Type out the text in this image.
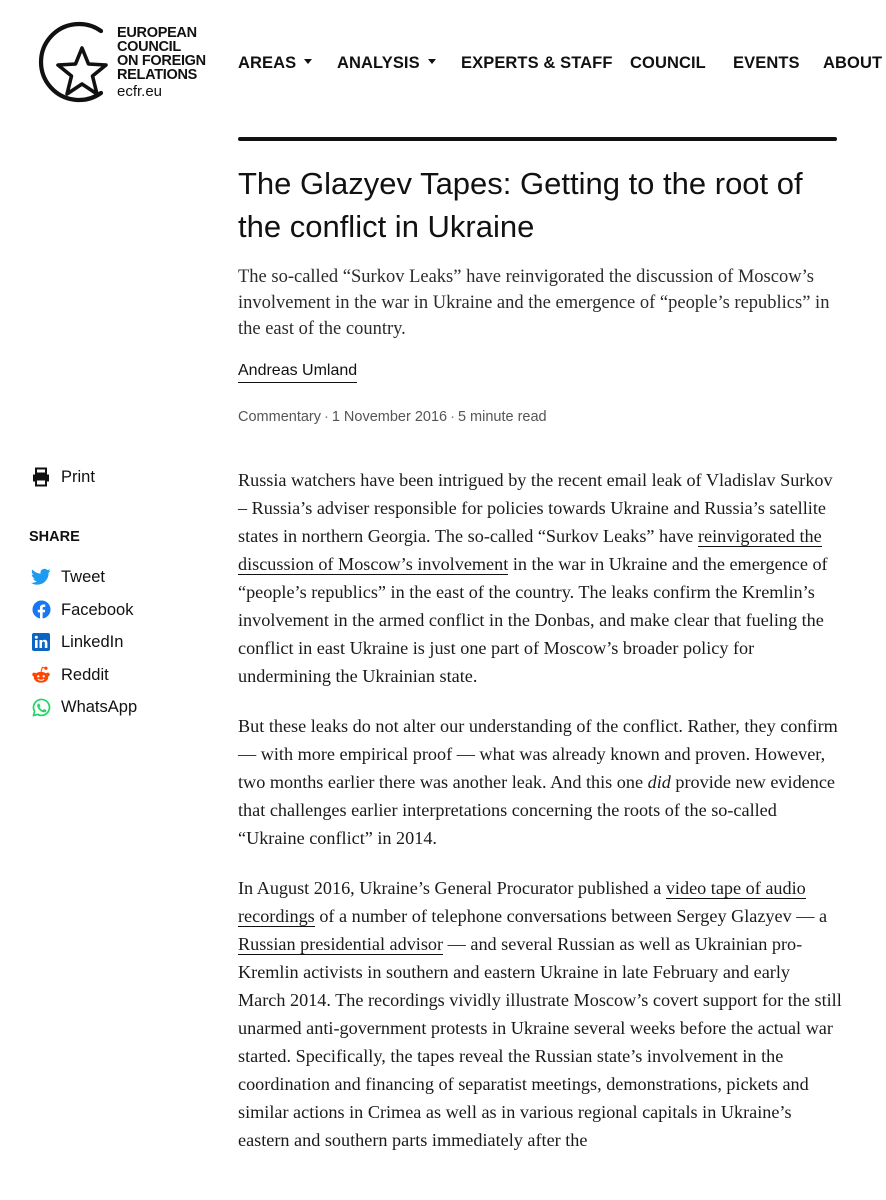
EUROPEAN
COUNCIL
ON FOREIGN
RELATIONS
ecfr.eu
AREAS	ANALYSIS	EXPERTS & STAFF COUNCIL EVENTS ABOUT
The Glazyev Tapes: Getting to the root of the conflict in Ukraine

The so-called “Surkov Leaks” have reinvigorated the discussion of Moscow’s involvement in the war in Ukraine and the emergence of “people’s republics” in the east of the country.

Andreas Umland
Commentary · 1 November 2016 · 5 minute read
Print
SHARE
Tweet
Facebook
LinkedIn
Reddit
WhatsApp

Russia watchers have been intrigued by the recent email leak of Vladislav Surkov – Russia’s adviser responsible for policies towards Ukraine and Russia’s satellite states in northern Georgia. The so-called “Surkov Leaks” have reinvigorated the discussion of Moscow’s involvement in the war in Ukraine and the emergence of “people’s republics” in the east of the country. The leaks confirm the Kremlin’s involvement in the armed conflict in the Donbas, and make clear that fueling the conflict in east Ukraine is just one part of Moscow’s broader policy for undermining the Ukrainian state.

But these leaks do not alter our understanding of the conflict. Rather, they confirm — with more empirical proof — what was already known and proven. However, two months earlier there was another leak. And this one did provide new evidence that challenges earlier interpretations concerning the roots of the so-called “Ukraine conflict” in 2014.

In August 2016, Ukraine’s General Procurator published a video tape of audio recordings of a number of telephone conversations between Sergey Glazyev — a Russian presidential advisor — and several Russian as well as Ukrainian pro-Kremlin activists in southern and eastern Ukraine in late February and early March 2014. The recordings vividly illustrate Moscow’s covert support for the still unarmed anti-government protests in Ukraine several weeks before the actual war started. Specifically, the tapes reveal the Russian state’s involvement in the coordination and financing of separatist meetings, demonstrations, pickets and similar actions in Crimea as well as in various regional capitals in Ukraine’s eastern and southern parts immediately after the
